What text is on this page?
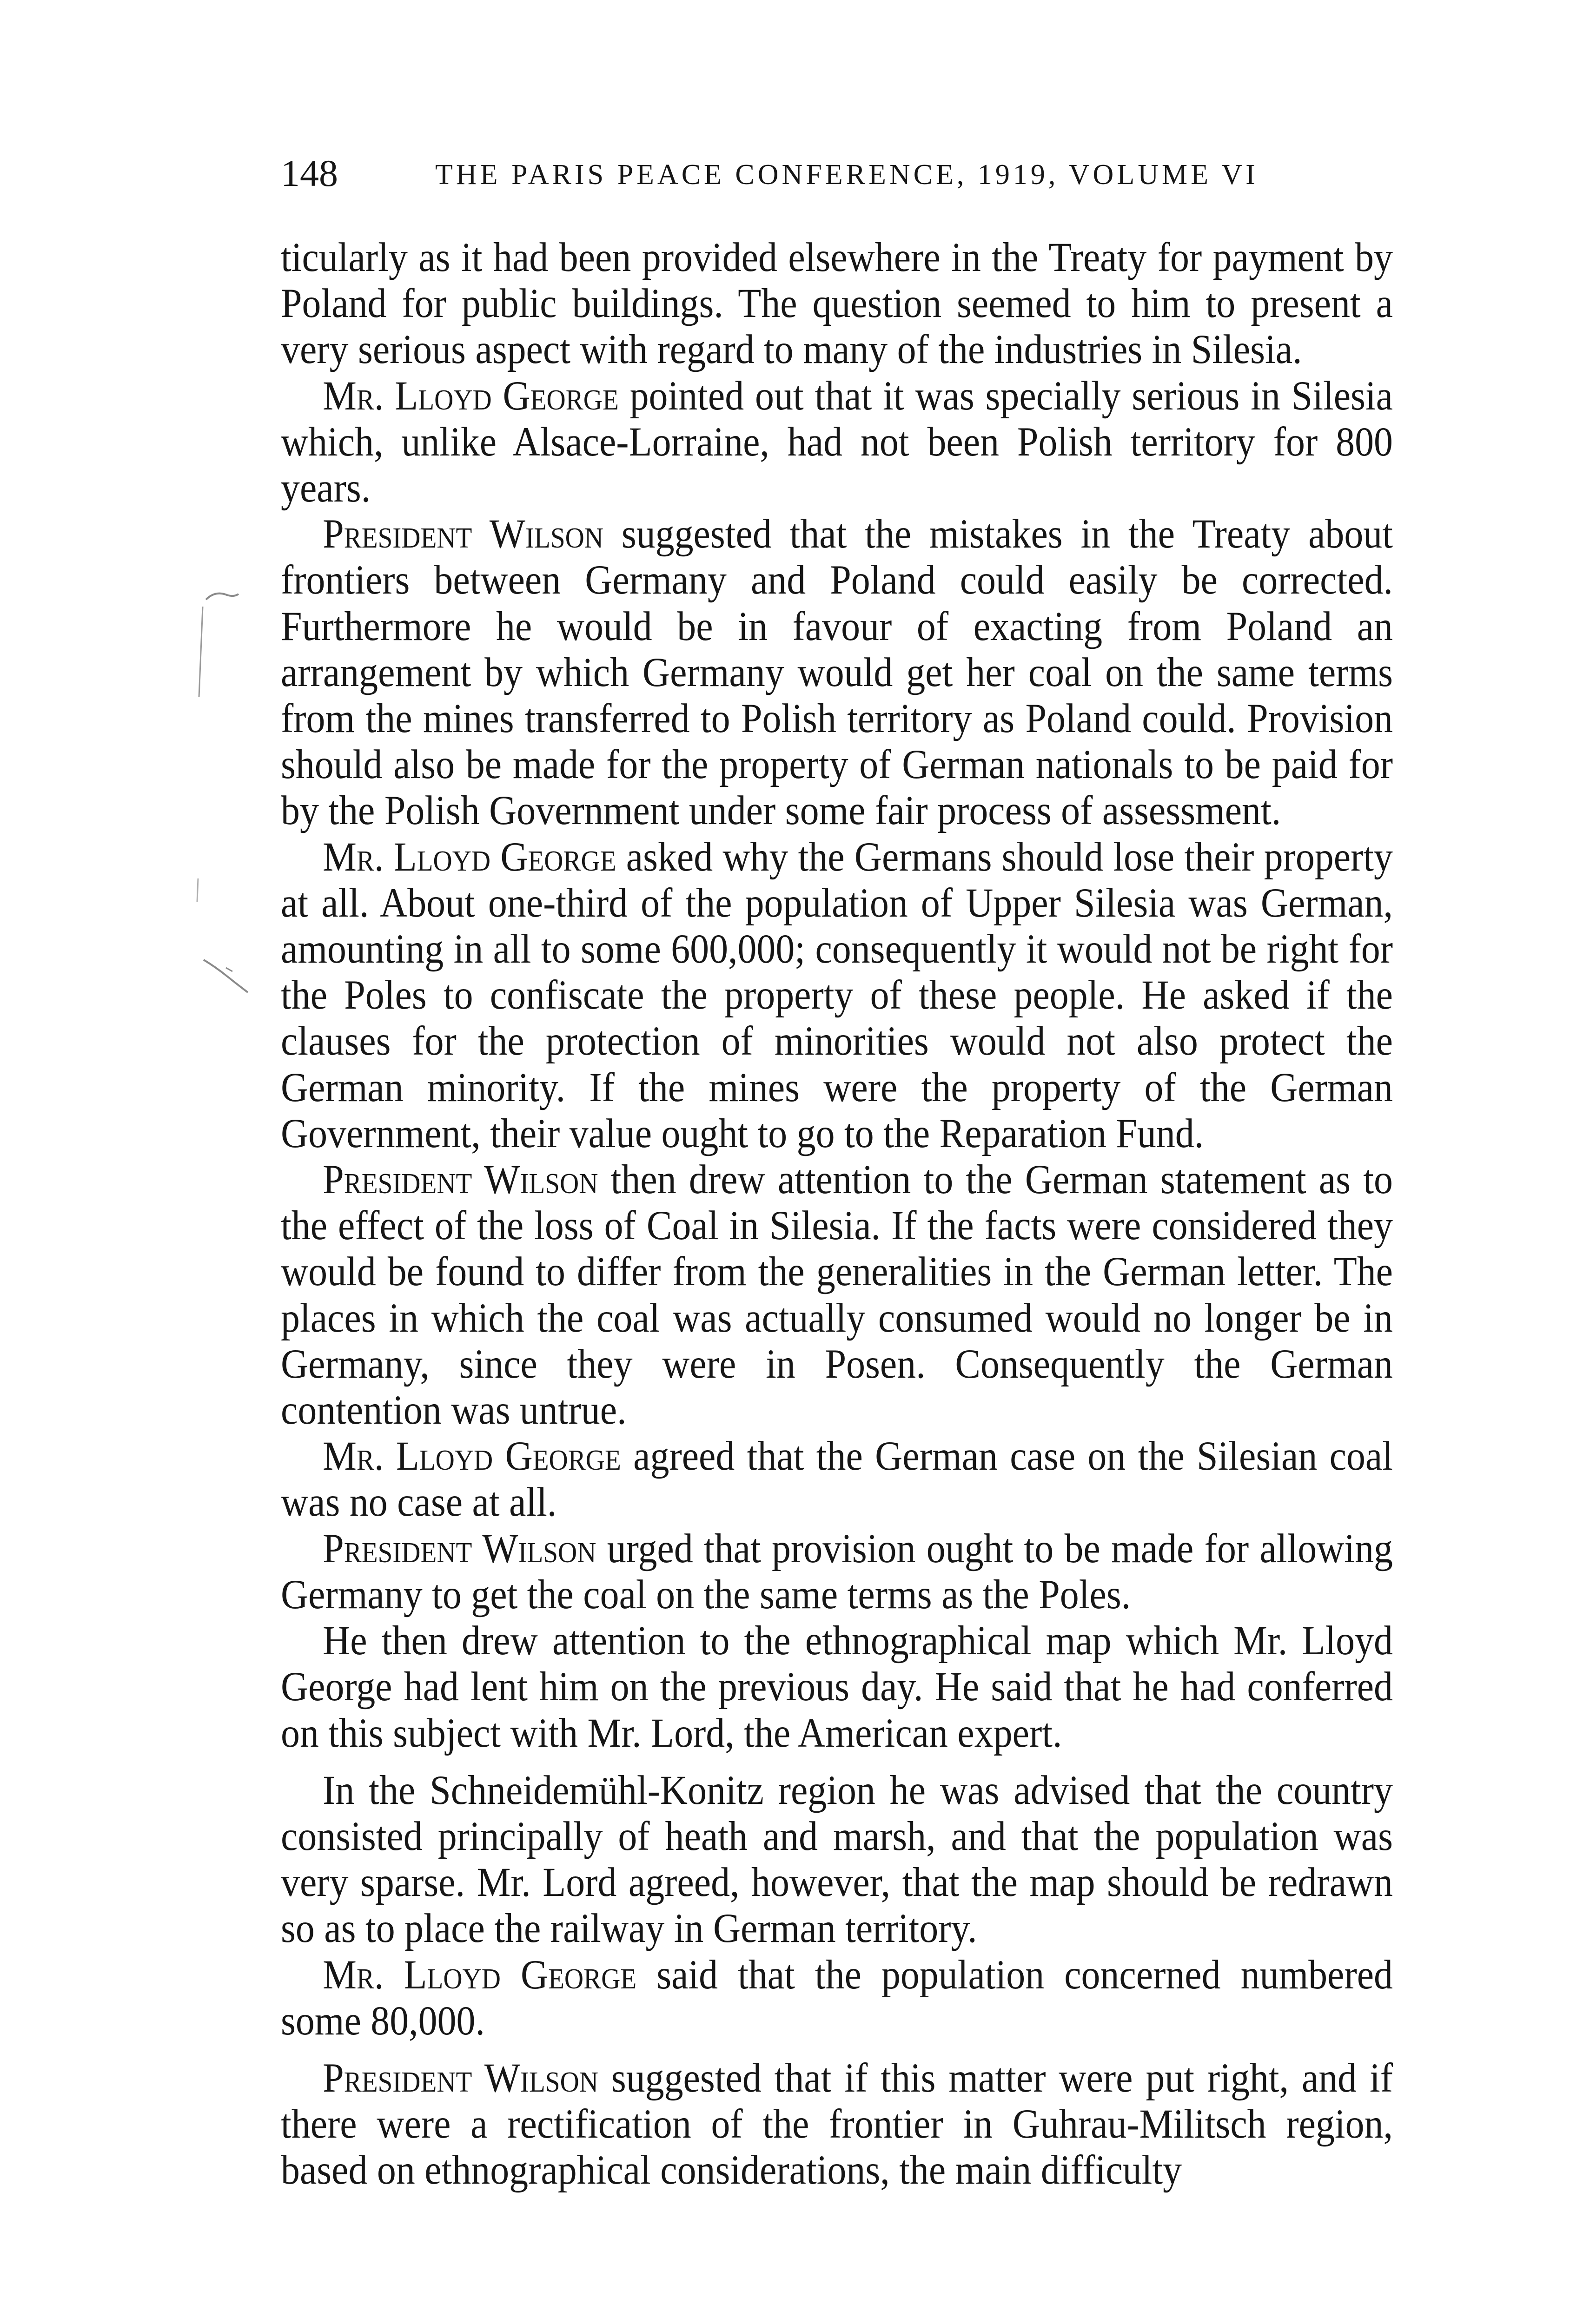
148	THE PARIS PEACE CONFERENCE, 1919, VOLUME VI

ticularly as it had been provided elsewhere in the Treaty for payment by Poland for public buildings. The question seemed to him to present a very serious aspect with regard to many of the industries in Silesia.

Mr. Lloyd George pointed out that it was specially serious in Silesia which, unlike Alsace-Lorraine, had not been Polish territory for 800 years.

President Wilson suggested that the mistakes in the Treaty about frontiers between Germany and Poland could easily be corrected. Furthermore he would be in favour of exacting from Poland an arrangement by which Germany would get her coal on the same terms from the mines transferred to Polish territory as Poland could. Provision should also be made for the property of German nationals to be paid for by the Polish Government under some fair process of assessment.

Mr. Lloyd George asked why the Germans should lose their property at all. About one-third of the population of Upper Silesia was German, amounting in all to some 600,000; consequently it would not be right for the Poles to confiscate the property of these people. He asked if the clauses for the protection of minorities would not also protect the German minority. If the mines were the property of the German Government, their value ought to go to the Reparation Fund.

President Wilson then drew attention to the German statement as to the effect of the loss of Coal in Silesia. If the facts were considered they would be found to differ from the generalities in the German letter. The places in which the coal was actually consumed would no longer be in Germany, since they were in Posen. Consequently the German contention was untrue.

Mr. Lloyd George agreed that the German case on the Silesian coal was no case at all.

President Wilson urged that provision ought to be made for allowing Germany to get the coal on the same terms as the Poles.

He then drew attention to the ethnographical map which Mr. Lloyd George had lent him on the previous day. He said that he had conferred on this subject with Mr. Lord, the American expert.

In the Schneidemühl-Konitz region he was advised that the country consisted principally of heath and marsh, and that the population was very sparse. Mr. Lord agreed, however, that the map should be redrawn so as to place the railway in German territory.

Mr. Lloyd George said that the population concerned numbered some 80,000.

President Wilson suggested that if this matter were put right, and if there were a rectification of the frontier in Guhrau-Militsch region, based on ethnographical considerations, the main difficulty
